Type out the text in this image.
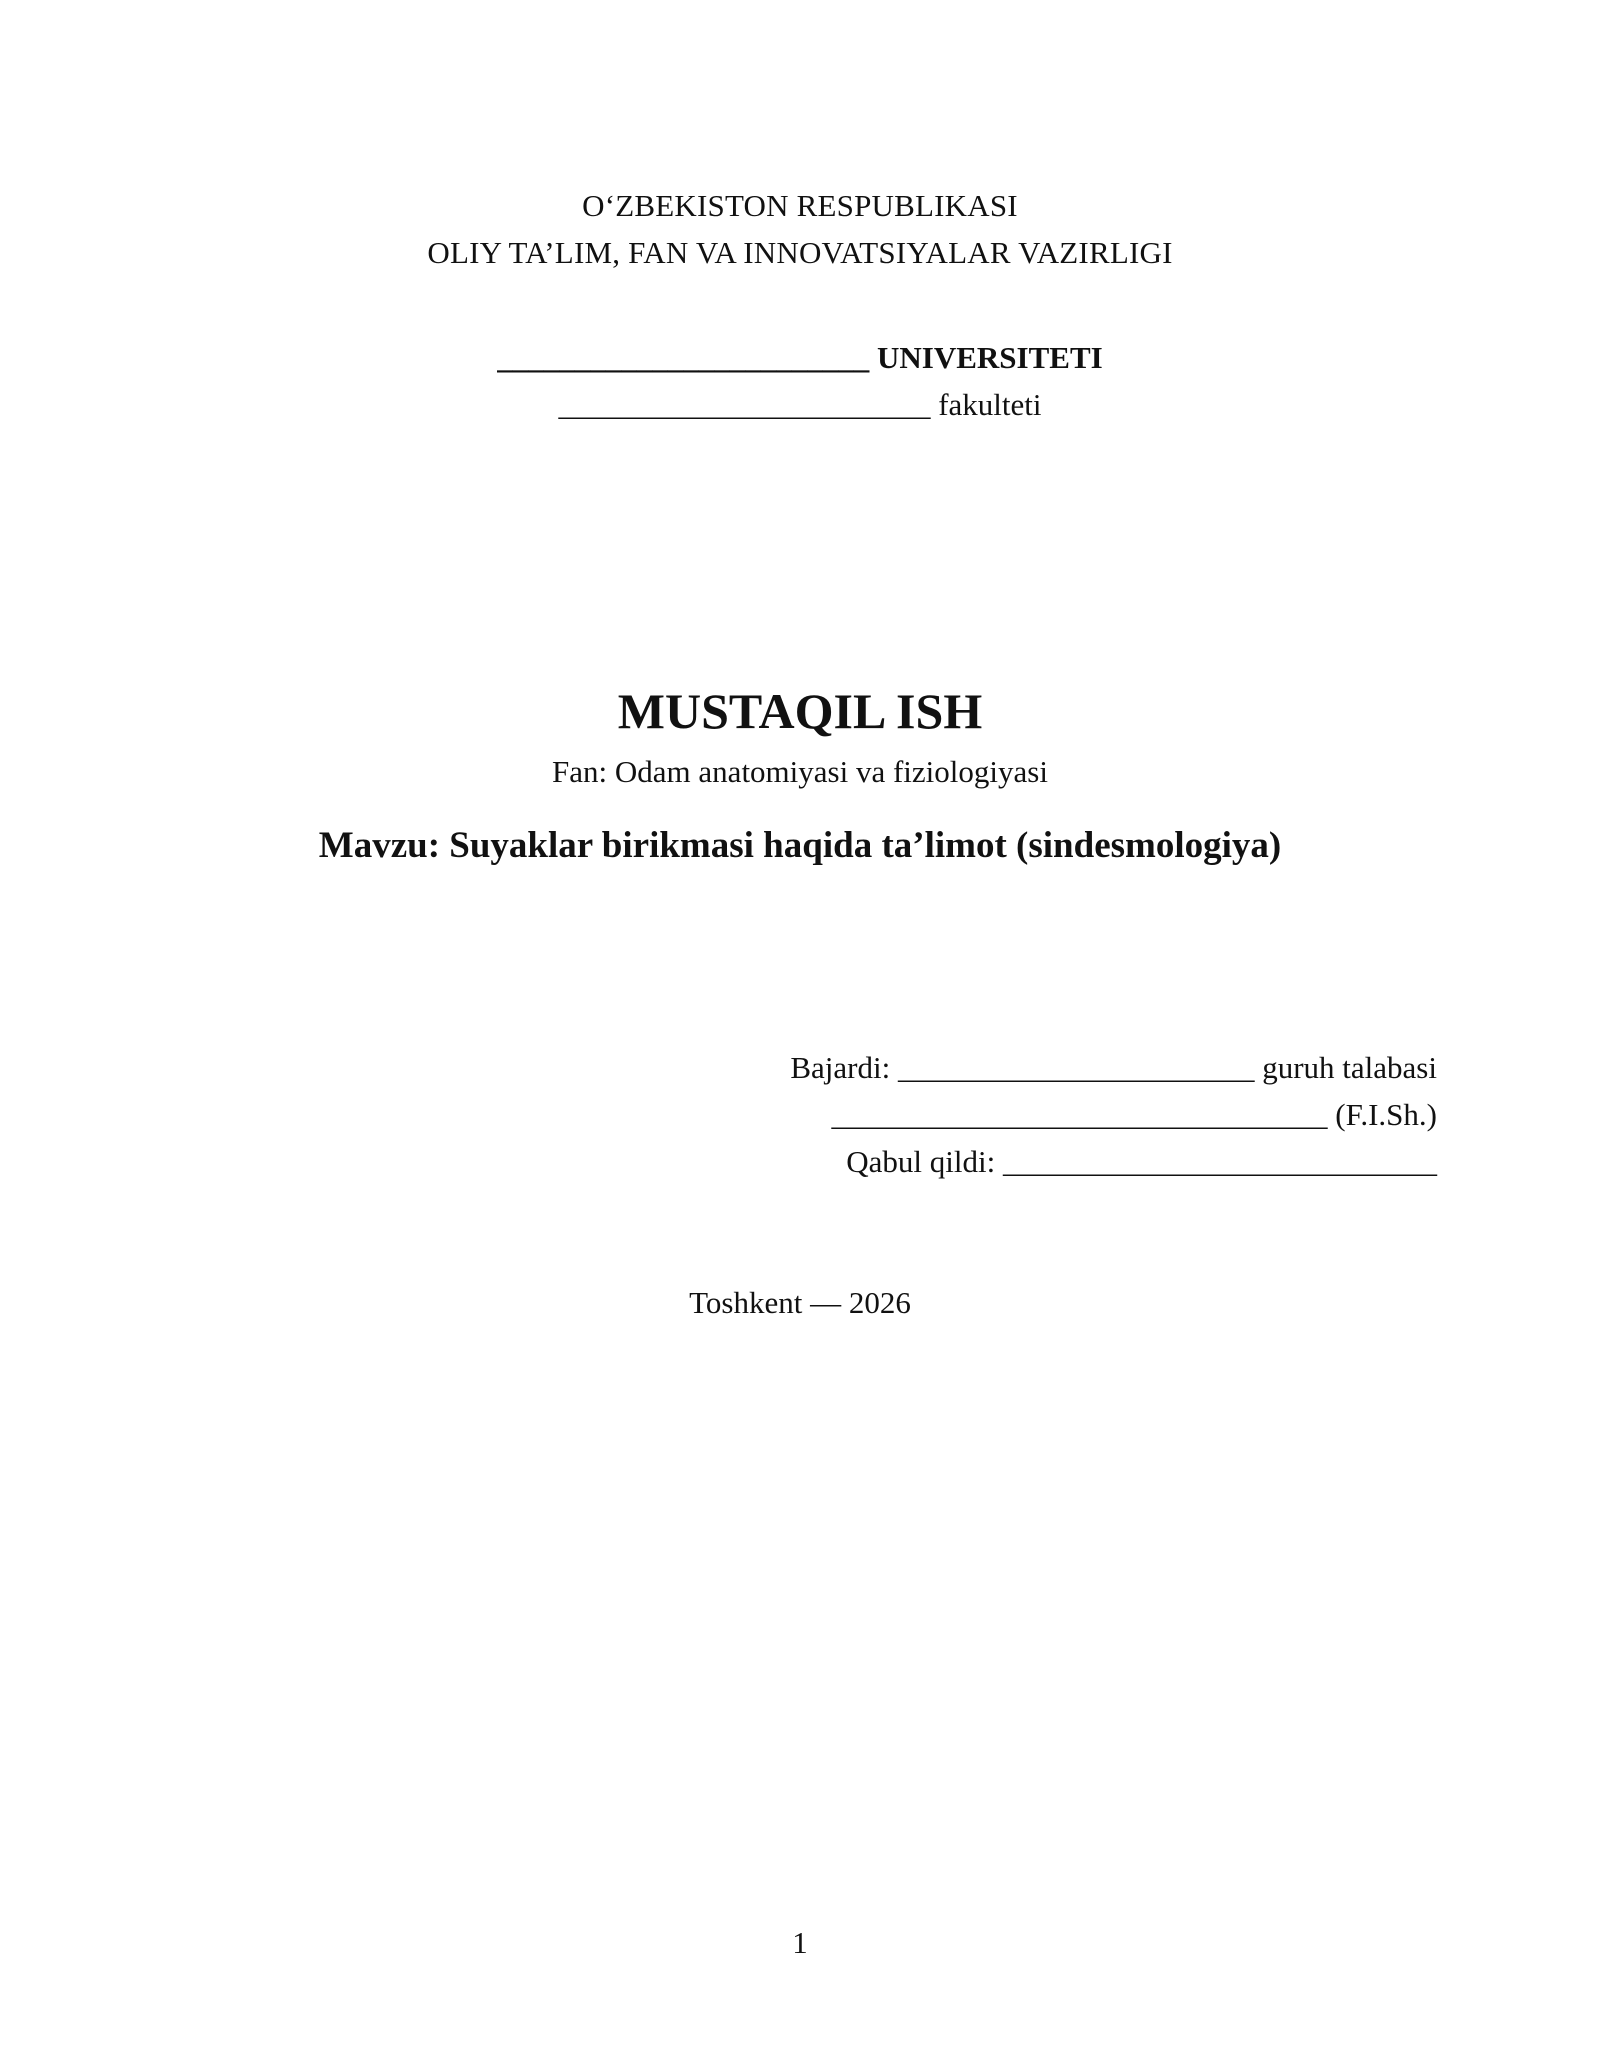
O‘ZBEKISTON RESPUBLIKASI
OLIY TA’LIM, FAN VA INNOVATSIYALAR VAZIRLIGI
________________________ UNIVERSITETI
________________________ fakulteti
MUSTAQIL ISH
Fan: Odam anatomiyasi va fiziologiyasi
Mavzu: Suyaklar birikmasi haqida ta’limot (sindesmologiya)
Bajardi: _______________________ guruh talabasi
________________________________ (F.I.Sh.)
Qabul qildi: ____________________________
Toshkent — 2026
1
